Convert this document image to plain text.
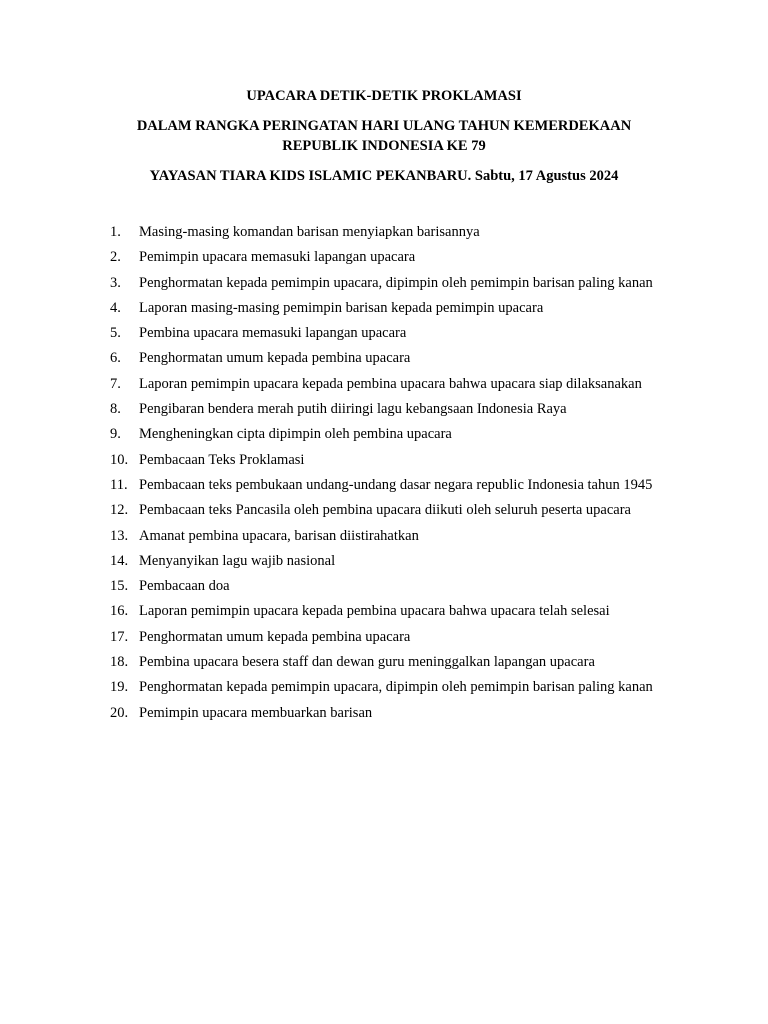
UPACARA DETIK-DETIK PROKLAMASI

DALAM RANGKA PERINGATAN HARI ULANG TAHUN KEMERDEKAAN

REPUBLIK INDONESIA KE 79

YAYASAN TIARA KIDS ISLAMIC PEKANBARU. Sabtu, 17 Agustus 2024

1.	Masing-masing komandan barisan menyiapkan barisannya
2.	Pemimpin upacara memasuki lapangan upacara
3.	Penghormatan kepada pemimpin upacara, dipimpin oleh pemimpin barisan paling kanan
4.	Laporan masing-masing pemimpin barisan kepada pemimpin upacara
5.	Pembina upacara memasuki lapangan upacara
6.	Penghormatan umum kepada pembina upacara
7.	Laporan pemimpin upacara kepada pembina upacara bahwa upacara siap dilaksanakan
8.	Pengibaran bendera merah putih diiringi lagu kebangsaan Indonesia Raya
9.	Mengheningkan cipta dipimpin oleh pembina upacara
10. Pembacaan Teks Proklamasi
11. Pembacaan teks pembukaan undang-undang dasar negara republic Indonesia tahun 1945
12. Pembacaan teks Pancasila oleh pembina upacara diikuti oleh seluruh peserta upacara
13. Amanat pembina upacara, barisan diistirahatkan
14. Menyanyikan lagu wajib nasional
15. Pembacaan doa
16. Laporan pemimpin upacara kepada pembina upacara bahwa upacara telah selesai
17. Penghormatan umum kepada pembina upacara
18. Pembina upacara besera staff dan dewan guru meninggalkan lapangan upacara
19. Penghormatan kepada pemimpin upacara, dipimpin oleh pemimpin barisan paling kanan
20. Pemimpin upacara membuarkan barisan
